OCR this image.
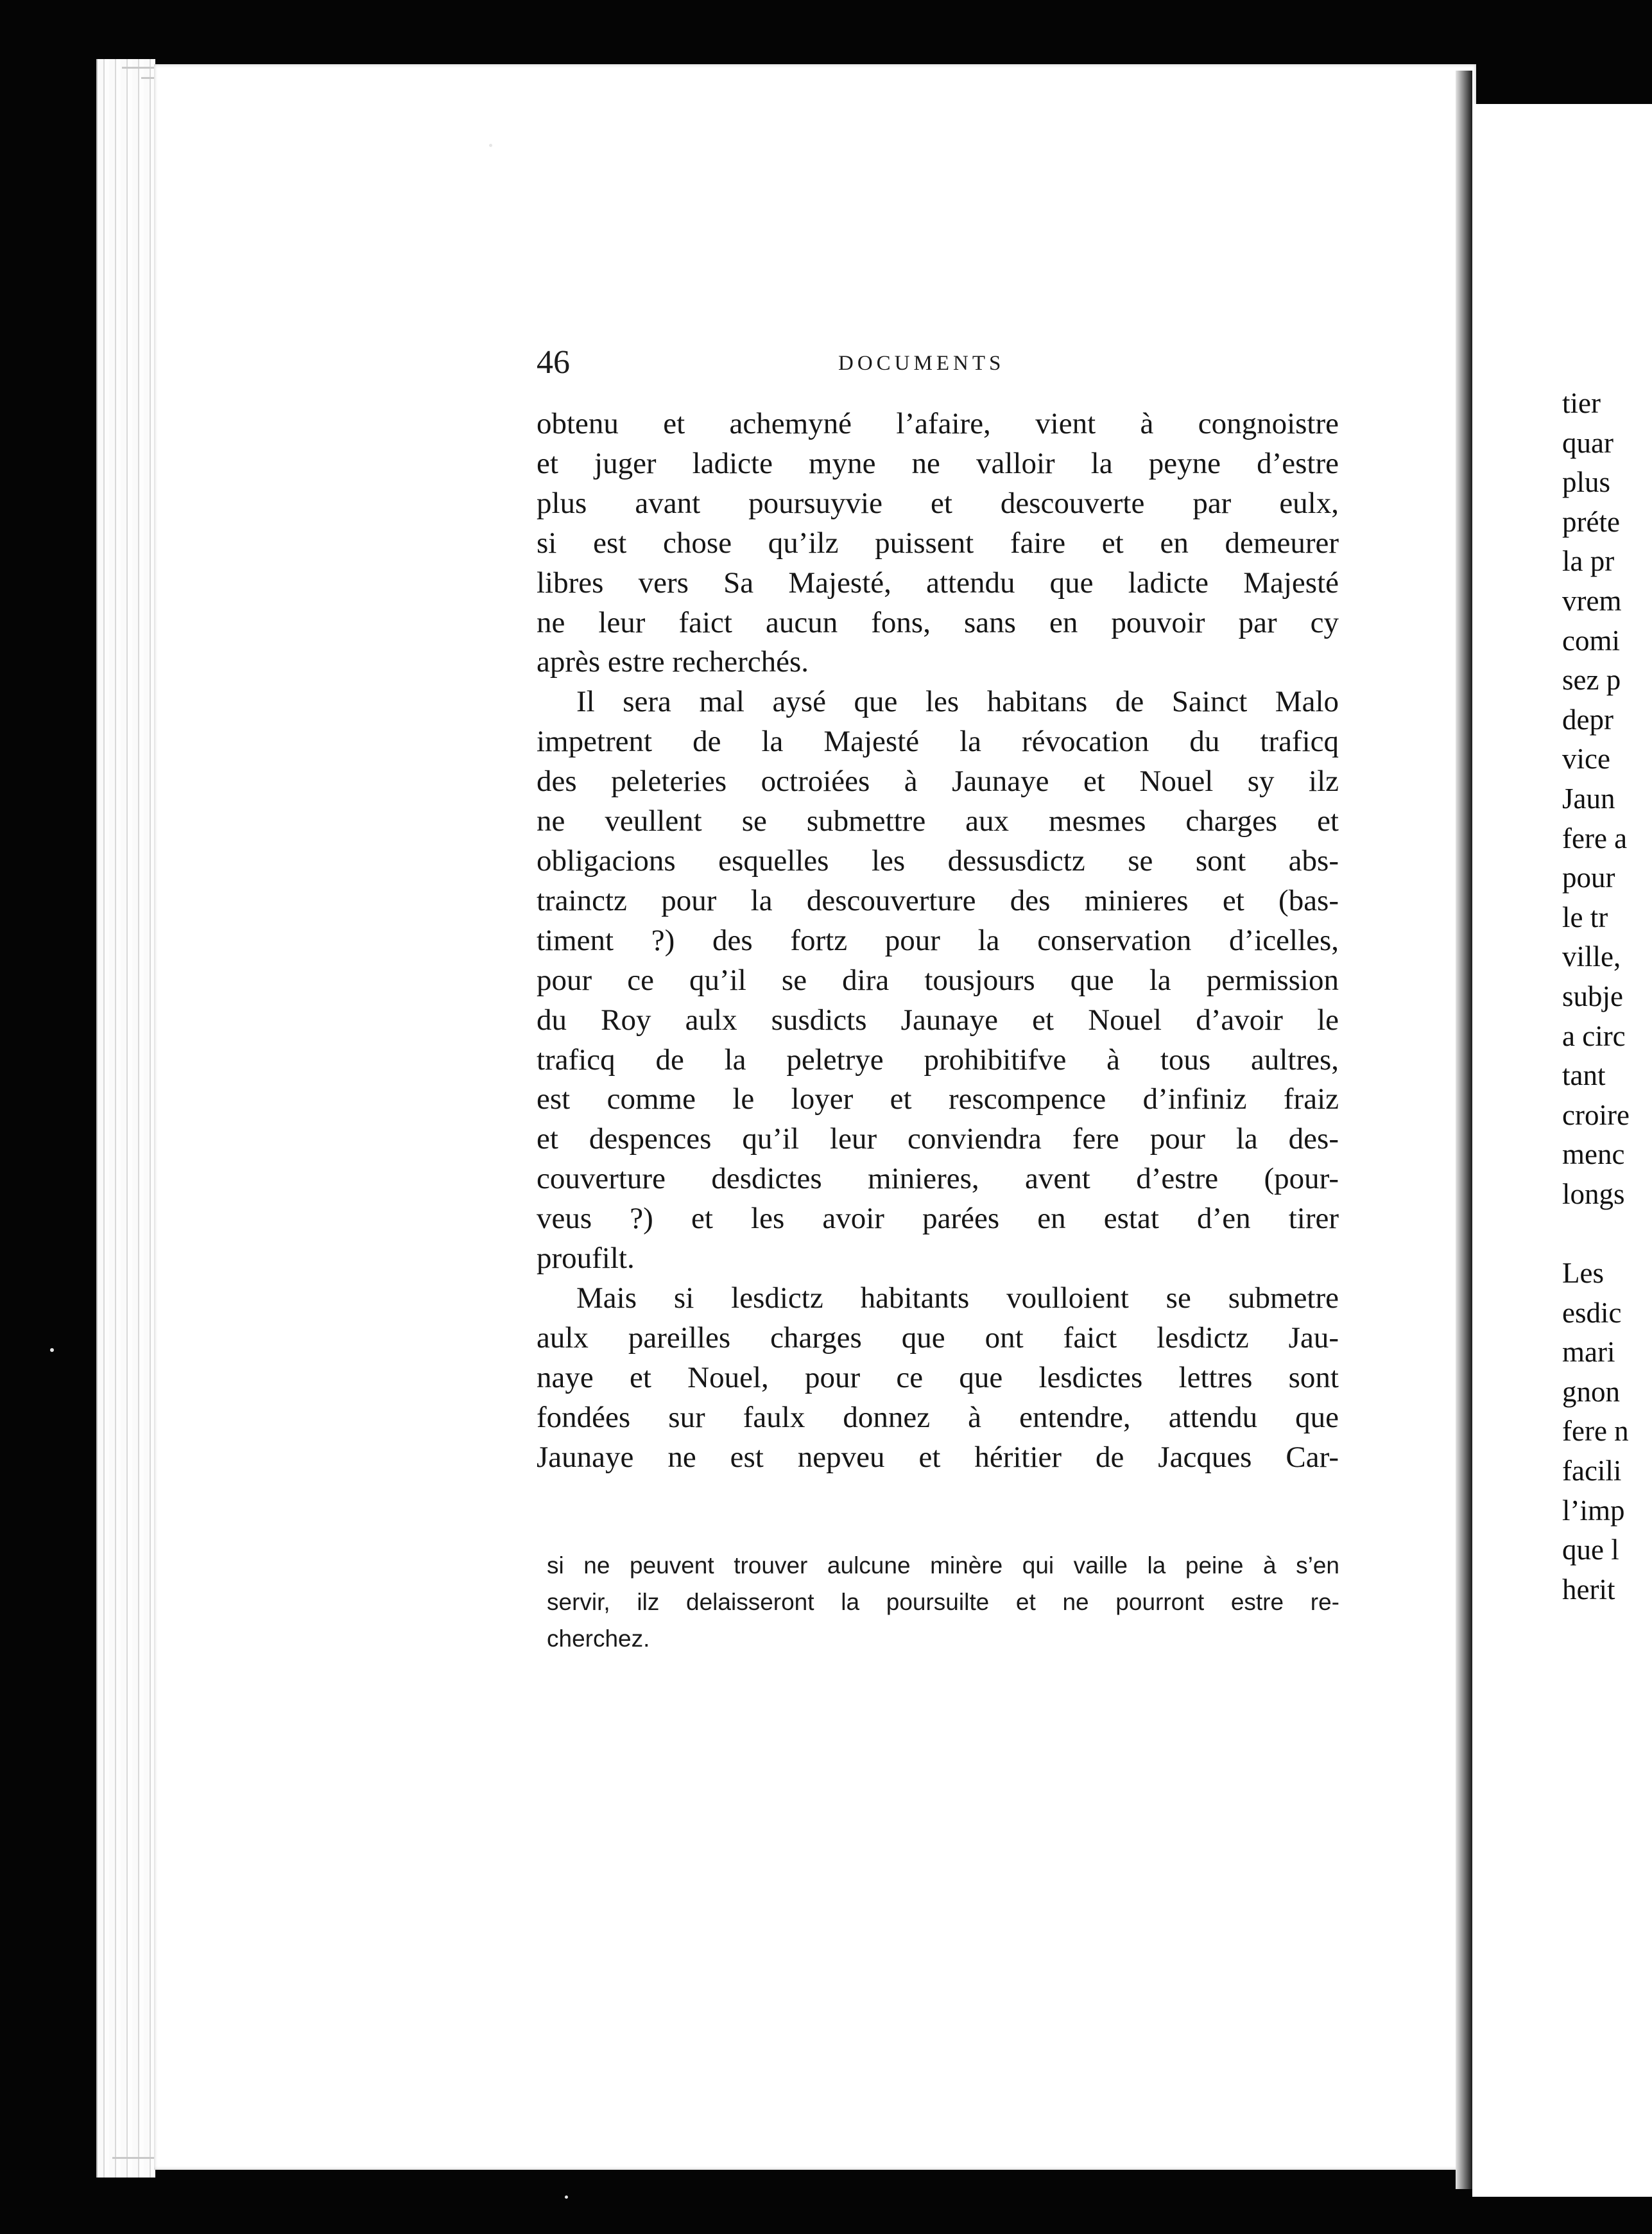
46	DOCUMENTS
obtenu et achemyné l’afaire, vient à congnoistre
et juger ladicte myne ne valloir la peyne d’estre
plus avant poursuyvie et descouverte par eulx,
si est chose qu’ilz puissent faire et en demeurer
libres vers Sa Majesté, attendu que ladicte Majesté
ne leur faict aucun fons, sans en pouvoir par cy
après estre recherchés.
Il sera mal aysé que les habitans de Sainct Malo
impetrent de la Majesté la révocation du traficq
des peleteries octroiées à Jaunaye et Nouel sy ilz
ne veullent se submettre aux mesmes charges et
obligacions esquelles les dessusdictz se sont abs-
trainctz pour la descouverture des minieres et (bas-
timent ?) des fortz pour la conservation d’icelles,
pour ce qu’il se dira tousjours que la permission
du Roy aulx susdicts Jaunaye et Nouel d’avoir le
traficq de la peletrye prohibitifve à tous aultres,
est comme le loyer et rescompence d’infiniz fraiz
et despences qu’il leur conviendra fere pour la des-
couverture desdictes minieres, avent d’estre (pour-
veus ?) et les avoir parées en estat d’en tirer
proufilt.
Mais si lesdictz habitants voulloient se submetre
aulx pareilles charges que ont faict lesdictz Jau-
naye et Nouel, pour ce que lesdictes lettres sont
fondées sur faulx donnez à entendre, attendu que
Jaunaye ne est nepveu et héritier de Jacques Car-
si ne peuvent trouver aulcune minère qui vaille la peine à s’en
servir, ilz delaisseront la poursuilte et ne pourront estre re-
cherchez.
tier
quar
plus
préte
la pr
vrem
comi
sez p
depr
vice
Jaun
fere a
pour
le tr
ville,
subje
a circ
tant
croire
menc
longs

Les
esdic
mari
gnon
fere n
facili
l’imp
que l
herit
